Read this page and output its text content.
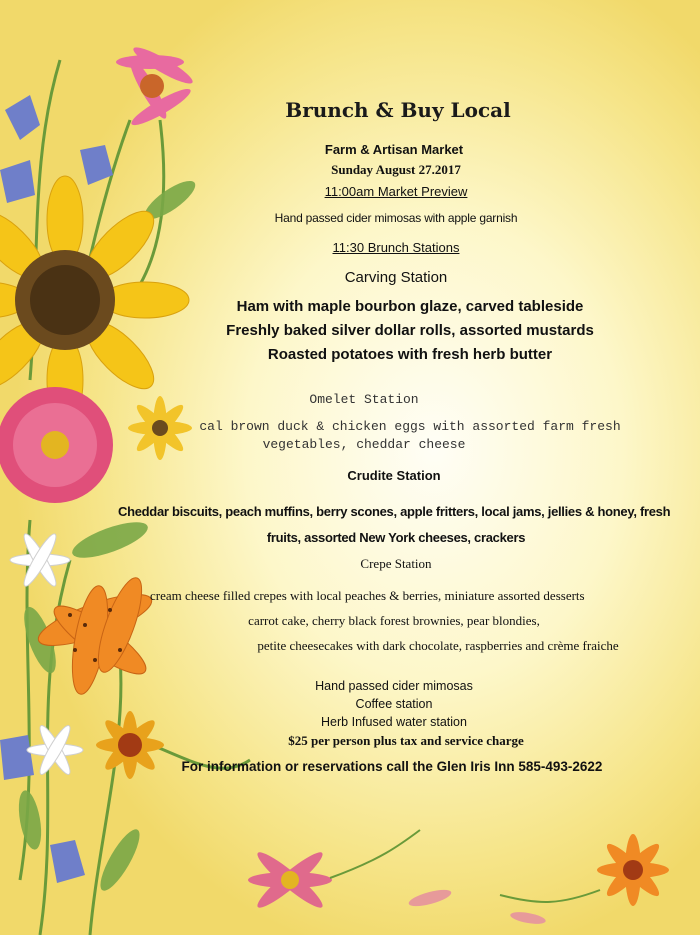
Brunch & Buy Local
Farm & Artisan Market
Sunday August 27.2017
11:00am Market Preview
Hand passed cider mimosas with apple garnish
11:30 Brunch Stations
Carving Station
Ham with maple bourbon glaze, carved tableside
Freshly baked silver dollar rolls, assorted mustards
Roasted potatoes with fresh herb butter
Omelet Station
cal brown duck & chicken eggs with assorted farm fresh
vegetables, cheddar cheese
Crudite Station
Cheddar biscuits, peach muffins, berry scones, apple fritters, local jams, jellies & honey, fresh
fruits, assorted New York cheeses, crackers
Crepe Station
cream cheese filled crepes with local peaches & berries, miniature assorted desserts
carrot cake, cherry black forest brownies, pear blondies,
petite cheesecakes with dark chocolate, raspberries and crème fraiche
Hand passed cider mimosas
Coffee station
Herb Infused water station
$25 per person plus tax and service charge
For information or reservations call the Glen Iris Inn 585-493-2622
